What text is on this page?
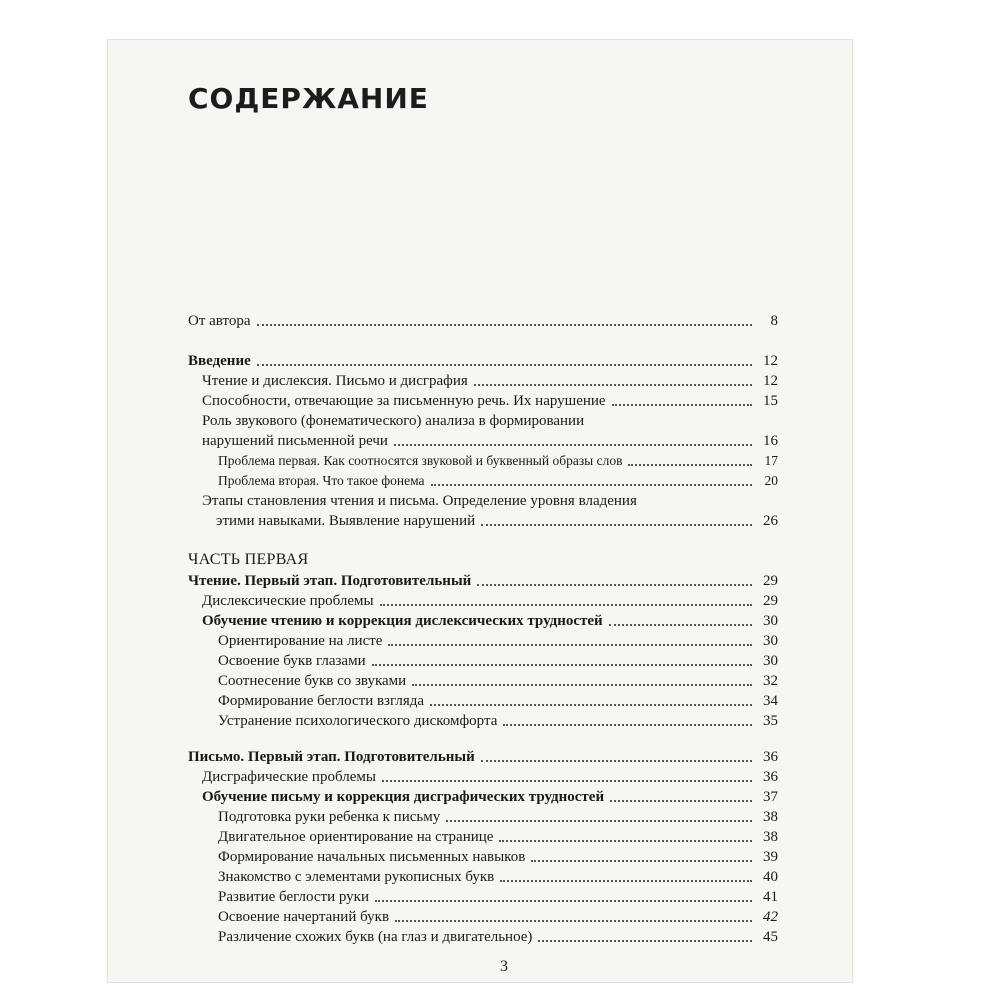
СОДЕРЖАНИЕ
От автора	8
Введение	12
Чтение и дислексия. Письмо и дисграфия	12
Способности, отвечающие за письменную речь. Их нарушение	15
Роль звукового (фонематического) анализа в формировании
нарушений письменной речи	16
Проблема первая. Как соотносятся звуковой и буквенный образы слов	17
Проблема вторая. Что такое фонема	20
Этапы становления чтения и письма. Определение уровня владения
этими навыками. Выявление нарушений	26
ЧАСТЬ ПЕРВАЯ
Чтение. Первый этап. Подготовительный	29
Дислексические проблемы	29
Обучение чтению и коррекция дислексических трудностей	30
Ориентирование на листе	30
Освоение букв глазами	30
Соотнесение букв со звуками	32
Формирование беглости взгляда	34
Устранение психологического дискомфорта	35
Письмо. Первый этап. Подготовительный	36
Дисграфические проблемы	36
Обучение письму и коррекция дисграфических трудностей	37
Подготовка руки ребенка к письму	38
Двигательное ориентирование на странице	38
Формирование начальных письменных навыков	39
Знакомство с элементами рукописных букв	40
Развитие беглости руки	41
Освоение начертаний букв	42
Различение схожих букв (на глаз и двигательное)	45
3
